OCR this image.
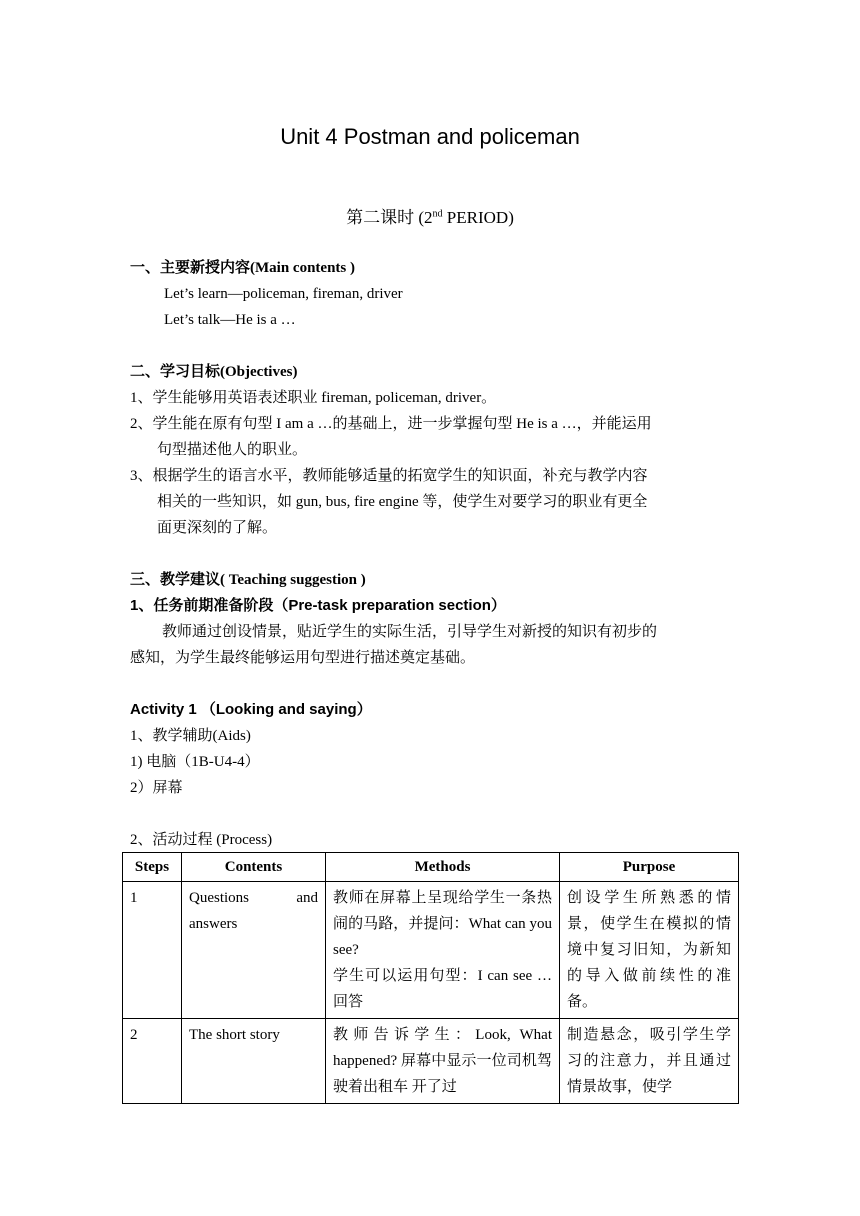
Unit 4 Postman and policeman
第二课时 (2nd PERIOD)
一、主要新授内容(Main contents )
Let’s learn—policeman, fireman, driver
Let’s talk—He is a …
二、学习目标(Objectives)
1、学生能够用英语表述职业 fireman, policeman, driver。
2、学生能在原有句型 I am a …的基础上，进一步掌握句型 He is a …，并能运用
句型描述他人的职业。
3、根据学生的语言水平，教师能够适量的拓宽学生的知识面，补充与教学内容
相关的一些知识，如 gun, bus, fire engine 等，使学生对要学习的职业有更全
面更深刻的了解。
三、教学建议( Teaching suggestion )
1、任务前期准备阶段（Pre-task preparation section）
教师通过创设情景，贴近学生的实际生活，引导学生对新授的知识有初步的
感知，为学生最终能够运用句型进行描述奠定基础。
Activity 1 （Looking and saying）
1、教学辅助(Aids)
1) 电脑（1B-U4-4）
2）屏幕
2、活动过程 (Process)
Steps	Contents	Methods	Purpose
1	Questions and answers	教师在屏幕上呈现给学生一条热闹的马路，并提问：What can you see?
学生可以运用句型：I can see …回答	创设学生所熟悉的情景，使学生在模拟的情境中复习旧知，为新知的导入做前续性的准备。

2	The short story	教师告诉学生：Look, What happened? 屏幕中显示一位司机驾驶着出租车 开了过	制造悬念，吸引学生学习的注意力，并且通过情景故事，使学
